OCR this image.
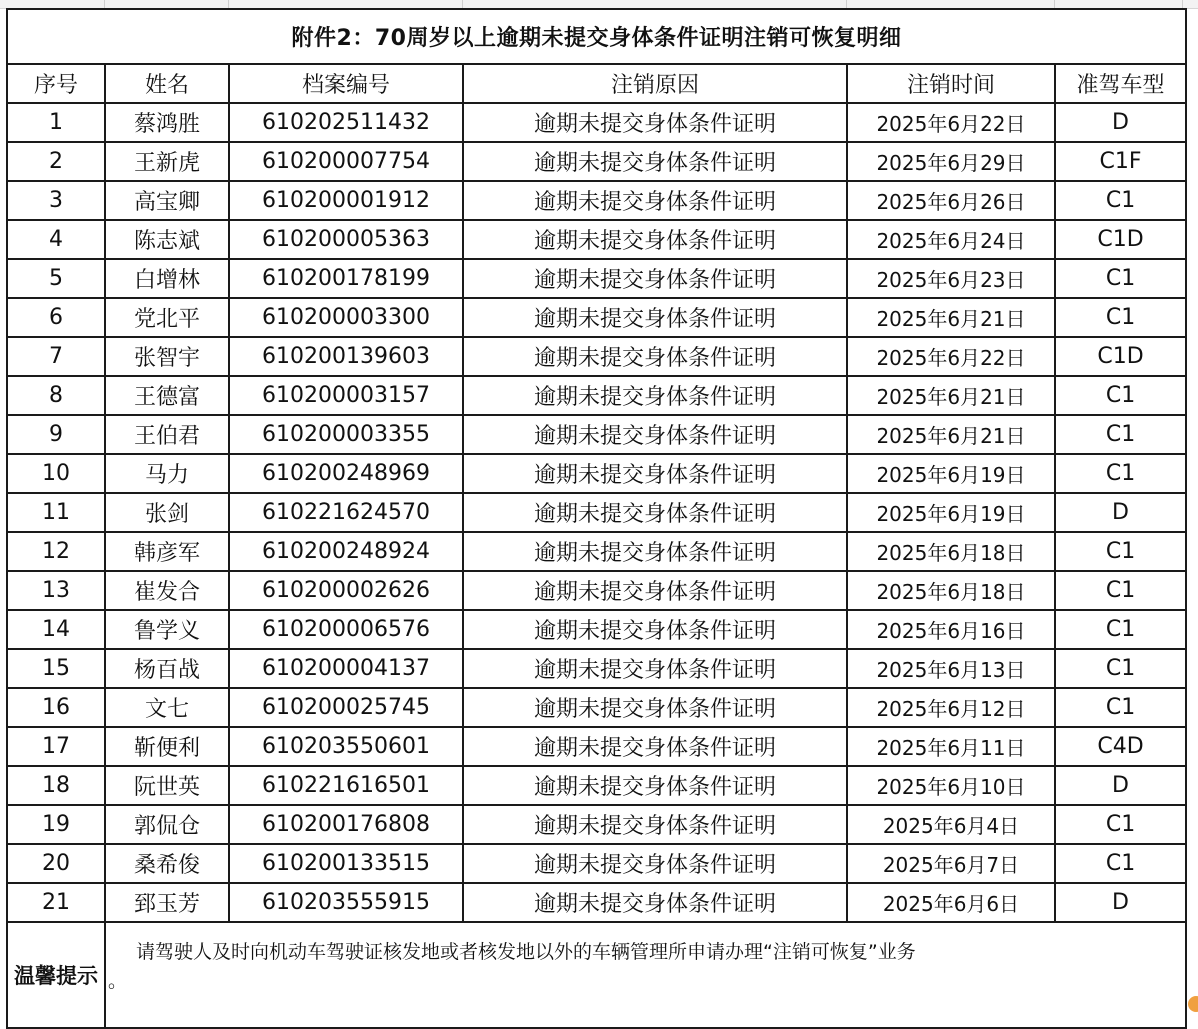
附件2：70周岁以上逾期未提交身体条件证明注销可恢复明细					
序号	姓名	档案编号	注销原因	注销时间	准驾车型
1	蔡鸿胜	610202511432	逾期未提交身体条件证明	2025年6月22日	D
2	王新虎	610200007754	逾期未提交身体条件证明	2025年6月29日	C1F
3	高宝卿	610200001912	逾期未提交身体条件证明	2025年6月26日	C1
4	陈志斌	610200005363	逾期未提交身体条件证明	2025年6月24日	C1D
5	白增林	610200178199	逾期未提交身体条件证明	2025年6月23日	C1
6	党北平	610200003300	逾期未提交身体条件证明	2025年6月21日	C1
7	张智宇	610200139603	逾期未提交身体条件证明	2025年6月22日	C1D
8	王德富	610200003157	逾期未提交身体条件证明	2025年6月21日	C1
9	王伯君	610200003355	逾期未提交身体条件证明	2025年6月21日	C1
10	马力	610200248969	逾期未提交身体条件证明	2025年6月19日	C1
11	张剑	610221624570	逾期未提交身体条件证明	2025年6月19日	D
12	韩彦军	610200248924	逾期未提交身体条件证明	2025年6月18日	C1
13	崔发合	610200002626	逾期未提交身体条件证明	2025年6月18日	C1
14	鲁学义	610200006576	逾期未提交身体条件证明	2025年6月16日	C1
15	杨百战	610200004137	逾期未提交身体条件证明	2025年6月13日	C1
16	文七	610200025745	逾期未提交身体条件证明	2025年6月12日	C1
17	靳便利	610203550601	逾期未提交身体条件证明	2025年6月11日	C4D
18	阮世英	610221616501	逾期未提交身体条件证明	2025年6月10日	D
19	郭侃仓	610200176808	逾期未提交身体条件证明	2025年6月4日	C1
20	桑希俊	610200133515	逾期未提交身体条件证明	2025年6月7日	C1
21	郅玉芳	610203555915	逾期未提交身体条件证明	2025年6月6日	D
温馨提示	请驾驶人及时向机动车驾驶证核发地或者核发地以外的车辆管理所申请办理“注销可恢复”业务
。				
